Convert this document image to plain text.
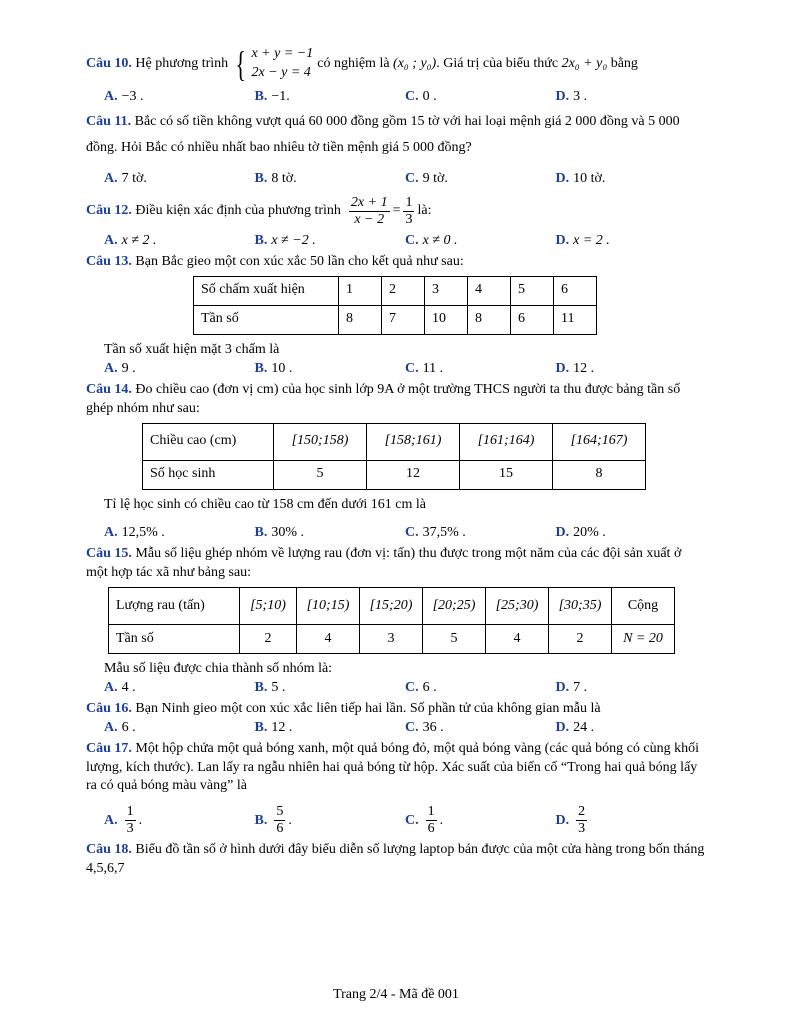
Câu 10.
Hệ phương trình { x + y = −1
2x − y = 4
có nghiệm là
(x₀ ; y₀) . Giá trị của biểu thức
2x₀ + y₀
bằng
A. −3 .	B. −1.	C. 0 .	D. 3 .

Câu 11. Bắc có số tiền không vượt quá 60 000 đồng gồm 15 tờ với hai loại mệnh giá 2 000 đồng và 5 000 đồng. Hỏi Bắc có nhiều nhất bao nhiêu tờ tiền mệnh giá 5 000 đồng?

A. 7 tờ.	B. 8 tờ.	C. 9 tờ.	D. 10 tờ.
Câu 12.
Điều kiện xác định của phương trình $\frac{2x + 1}{x - 2} = \frac{1}{3}$ là:
A. x ≠ 2 .	B. x ≠ −2 .	C. x ≠ 0 .	D. x = 2 .

Câu 13. Bạn Bắc gieo một con xúc xắc 50 lần cho kết quả như sau:

Số chấm xuất hiện	1	2	3	4	5	6
Tần số	8	7	10	8	6	11

Tần số xuất hiện mặt 3 chấm là

A. 9 .	B. 10 .	C. 11 .	D. 12 .

Câu 14. Đo chiều cao (đơn vị cm) của học sinh lớp 9A ở một trường THCS người ta thu được bảng tần số ghép nhóm như sau:

Chiều cao (cm)	[150;158)	[158;161)	[161;164)	[164;167)
Số học sinh	5	12	15	8

Tỉ lệ học sinh có chiều cao từ 158 cm đến dưới 161 cm là

A. 12,5% .	B. 30% .	C. 37,5% .	D. 20% .

Câu 15. Mẫu số liệu ghép nhóm về lượng rau (đơn vị: tấn) thu được trong một năm của các đội sản xuất ở một hợp tác xã như bảng sau:

Lượng rau (tấn)	[5;10)	[10;15)	[15;20)	[20;25)	[25;30)	[30;35)	Cộng
Tần số	2	4	3	5	4	2	N = 20

Mẫu số liệu được chia thành số nhóm là:

A. 4 .	B. 5 .	C. 6 .	D. 7 .

Câu 16. Bạn Ninh gieo một con xúc xắc liên tiếp hai lần. Số phần tử của không gian mẫu là

A. 6 .	B. 12 .	C. 36 .	D. 24 .

Câu 17. Một hộp chứa một quả bóng xanh, một quả bóng đỏ, một quả bóng vàng (các quả bóng có cùng khối lượng, kích thước). Lan lấy ra ngẫu nhiên hai quả bóng từ hộp. Xác suất của biến cố “Trong hai quả bóng lấy ra có quả bóng màu vàng” là

A. $\frac{1}{3}$ .	B. $\frac{5}{6}$ .	C. $\frac{1}{6}$ .	D. $\frac{2}{3}$

Câu 18. Biểu đồ tần số ở hình dưới đây biểu diễn số lượng laptop bán được của một cửa hàng trong bốn tháng 4,5,6,7

Trang 2/4 - Mã đề 001
